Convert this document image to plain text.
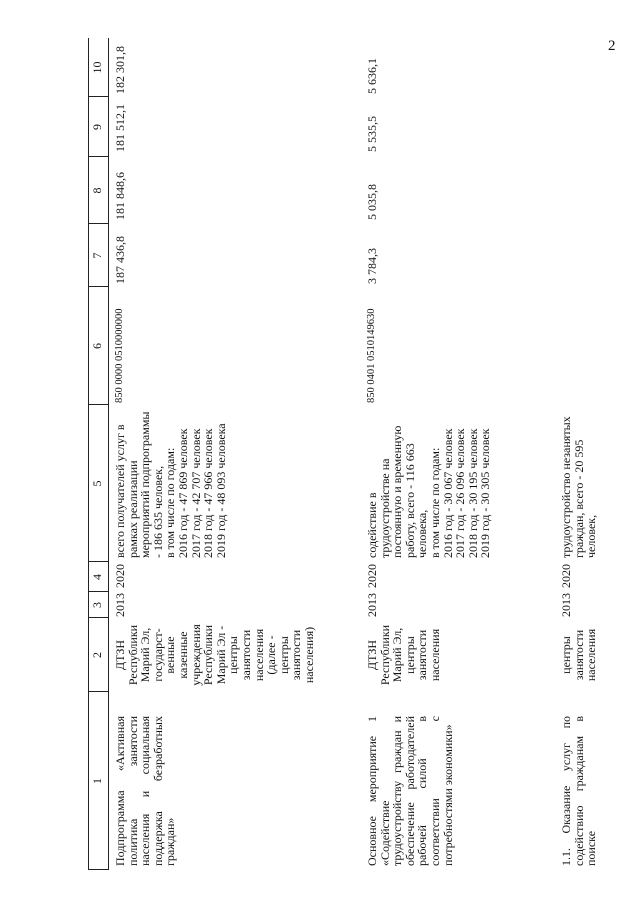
2
1
2
3
4
5
6
7
8
9
10
Подпрограмма «Активная политика занятости населения и социальная поддержка безработных граждан»
ДТЗН Республики Марий Эл, государст-венные казенные учреждения Республики Марий Эл - центры занятости населения (далее - центры занятости населения)
2013
2020
всего получателей услуг в рамках реализации мероприятий подпрограммы - 186 635 человек,
в том числе по годам:
2016 год - 47 869 человек
2017 год - 42 707 человек
2018 год - 47 966 человек
2019 год - 48 093 человека
850 0000 0510000000
187 436,8
181 848,6
181 512,1
182 301,8
Основное мероприятие 1 «Содействие трудоустройству граждан и обеспечение работодателей рабочей силой в соответствии с потребностями экономики»
ДТЗН Республики Марий Эл, центры занятости населения
2013
2020
содействие в трудоустройстве на постоянную и временную работу, всего - 116 663 человека,
в том числе по годам:
2016 год - 30 067 человек
2017 год - 26 096 человек
2018 год - 30 195 человек
2019 год - 30 305 человек
850 0401 0510149630
3 784,3
5 035,8
5 535,5
5 636,1
1.1. Оказание услуг по содействию гражданам в поиске
центры занятости населения
2013
2020
трудоустройство незанятых граждан, всего - 20 595 человек,
